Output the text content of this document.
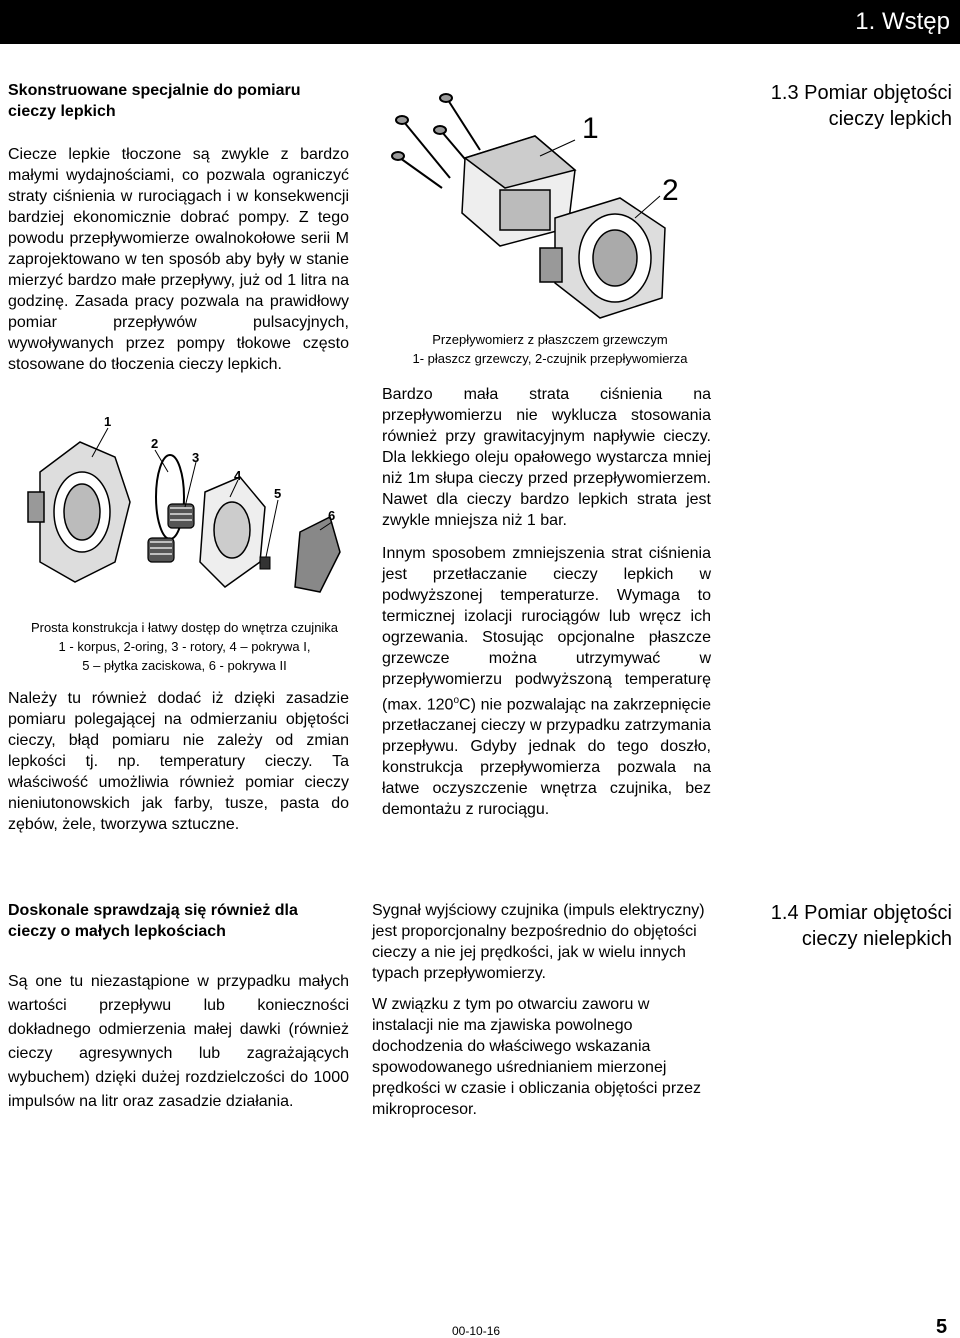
1. Wstęp

Skonstruowane specjalnie do pomiaru cieczy lepkich

Ciecze lepkie tłoczone są zwykle z bardzo małymi wydajnościami, co pozwala ograniczyć straty ciśnienia w rurociągach i w konsekwencji bardziej ekonomicznie dobrać pompy. Z tego powodu przepływomierze owalnokołowe serii M zaprojektowano w ten sposób aby były w stanie mierzyć bardzo małe przepływy, już od 1 litra na godzinę. Zasada pracy pozwala na prawidłowy pomiar przepływów pulsacyjnych, wywoływanych przez pompy tłokowe często stosowane do tłoczenia cieczy lepkich.

1
2
3
4
5
6

Prosta konstrukcja i łatwy dostęp do wnętrza czujnika

1 - korpus, 2-oring, 3 - rotory, 4 – pokrywa I,

5 – płytka zaciskowa, 6 - pokrywa II

Należy tu również dodać iż dzięki zasadzie pomiaru polegającej na odmierzaniu objętości cieczy, błąd pomiaru nie zależy od zmian lepkości tj. np. temperatury cieczy. Ta właściwość umożliwia również pomiar cieczy nieniutonowskich jak farby, tusze, pasta do zębów, żele, tworzywa sztuczne.

1
2

Przepływomierz z płaszczem grzewczym

1- płaszcz grzewczy, 2-czujnik przepływomierza

Bardzo mała strata ciśnienia na przepływomierzu nie wyklucza stosowania również przy grawitacyjnym napływie cieczy. Dla lekkiego oleju opałowego wystarcza mniej niż 1m słupa cieczy przed przepływomierzem. Nawet dla cieczy bardzo lepkich strata jest zwykle mniejsza niż 1 bar.

Innym sposobem zmniejszenia strat ciśnienia jest przetłaczanie cieczy lepkich w podwyższonej temperaturze. Wymaga to termicznej izolacji rurociągów lub wręcz ich ogrzewania. Stosując opcjonalne płaszcze grzewcze można utrzymywać w przepływomierzu podwyższoną temperaturę (max. 120$^o$C) nie pozwalając na zakrzepnięcie przetłaczanej cieczy w przypadku zatrzymania przepływu. Gdyby jednak do tego doszło, konstrukcja przepływomierza pozwala na łatwe oczyszczenie wnętrza czujnika, bez demontażu z rurociągu.

1.3 Pomiar objętości cieczy lepkich

Doskonale sprawdzają się również dla cieczy o małych lepkościach

Są one tu niezastąpione w przypadku małych wartości przepływu lub konieczności dokładnego odmierzenia małej dawki (również cieczy agresywnych lub zagrażających wybuchem) dzięki dużej rozdzielczości do 1000 impulsów na litr oraz zasadzie działania.

Sygnał wyjściowy czujnika (impuls elektryczny) jest proporcjonalny bezpośrednio do objętości cieczy a nie jej prędkości, jak w wielu innych typach przepływomierzy.

W związku z tym po otwarciu zaworu w instalacji nie ma zjawiska powolnego dochodzenia do właściwego wskazania spowodowanego uśrednianiem mierzonej prędkości w czasie i obliczania objętości przez mikroprocesor.

1.4 Pomiar objętości cieczy nielepkich

00-10-16	5
